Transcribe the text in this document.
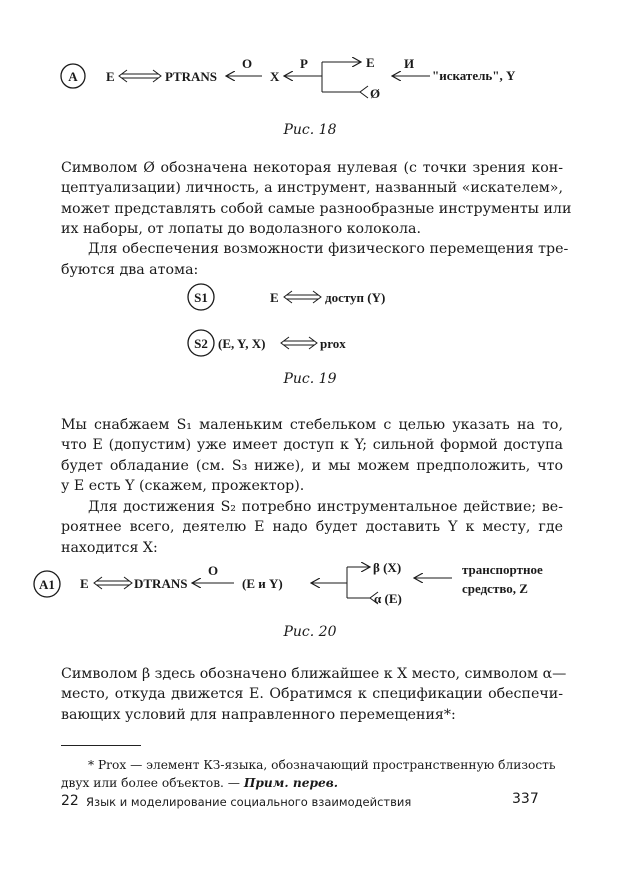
A E	PTRANS
O
X
P	E
Ø
И
"искатель", Y
S1	E	доступ (Y)
S2 (E, Y, X)	prox
A1 E	DTRANS
O
(E и Y)
β (X)
α (E)
транспортное
средство, Z
Рис. 18
Символом Ø обозначена некоторая нулевая (с точки зрения кон-
цептуализации) личность, а инструмент, названный «искателем»,
может представлять собой самые разнообразные инструменты или
их наборы, от лопаты до водолазного колокола.
Для обеспечения возможности физического перемещения тре-
буются два атома:
Рис. 19
Мы снабжаем S₁ маленьким стебельком с целью указать на то,
что E (допустим) уже имеет доступ к Y; сильной формой доступа
будет обладание (см. S₃ ниже), и мы можем предположить, что
у E есть Y (скажем, прожектор).
Для достижения S₂ потребно инструментальное действие; ве-
роятнее всего, деятелю E надо будет доставить Y к месту, где
находится X:
Рис. 20
Символом β здесь обозначено ближайшее к X место, символом α—
место, откуда движется E. Обратимся к спецификации обеспечи-
вающих условий для направленного перемещения*:
* Prox — элемент КЗ-языка, обозначающий пространственную близость
двух или более объектов. — Прим. перев.
22 Язык и моделирование социального взаимодействия	337
